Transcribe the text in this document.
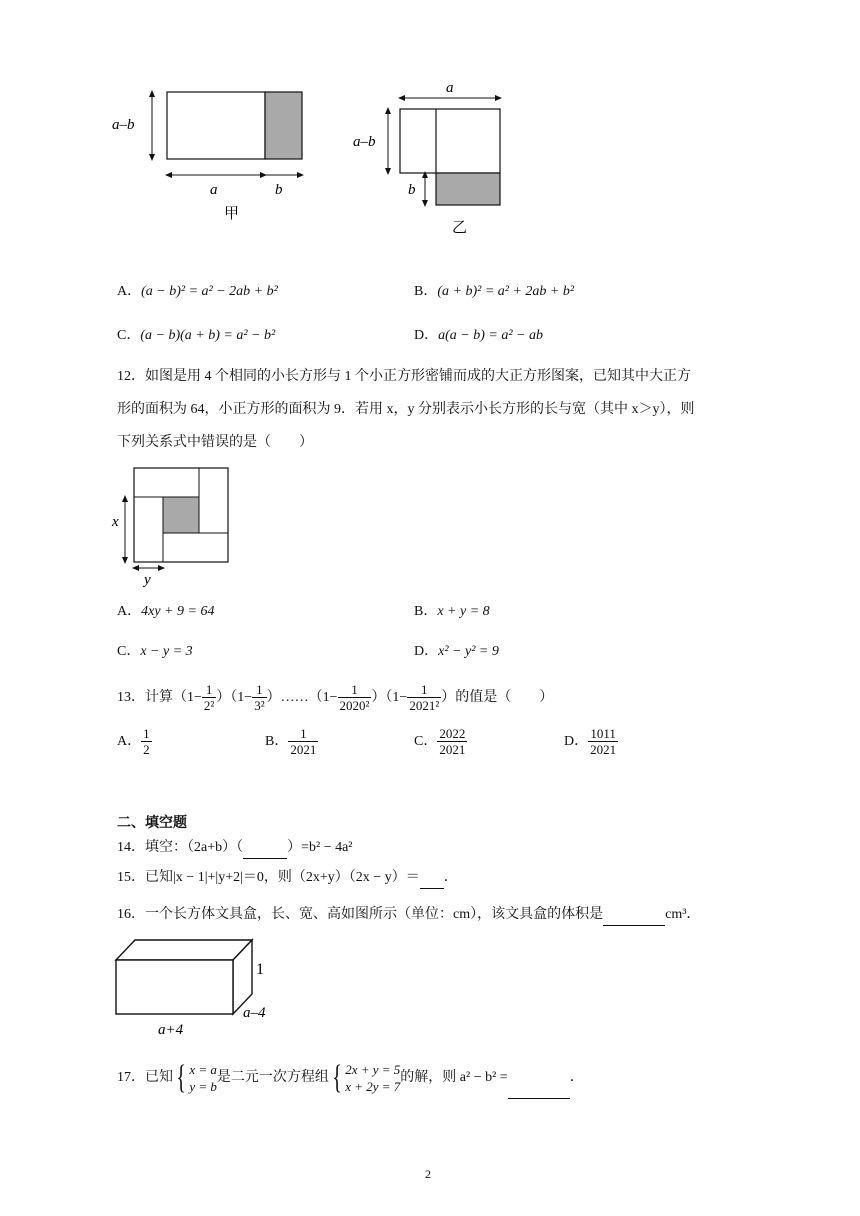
a–b
a	b
甲
a
a–b
b
乙
A．(a − b)² = a² − 2ab + b²	B．(a + b)² = a² + 2ab + b²
C．(a − b)(a + b) = a² − b²	D．a(a − b) = a² − ab
12．如图是用 4 个相同的小长方形与 1 个小正方形密铺而成的大正方形图案，已知其中大正方
形的面积为 64，小正方形的面积为 9．若用 x，y 分别表示小长方形的长与宽（其中 x＞y），则
下列关系式中错误的是（　　）
x
y
A．4xy + 9 = 64	B．x + y = 8
C．x − y = 3	D．x² − y² = 9
13．计算$(1- \frac{1}{\text{2²}} )(1- \frac{1}{\text{3²}}$ ）……（1− $\frac{1}{\text{2020²}} )(1- \frac{1}{\text{2021²}}$ ）的值是（　　）
A． $\frac{1}{2}$	B． $\frac{1}{2021}$	C． $\frac{2022}{2021}$	D． $\frac{1011}{2021}$
二、填空题
14．填空：（2a+b）（	）=b² − 4a²
15．已知|x − 1|+|y+2|＝0，则（2x+y）（2x − y）＝ ．
16．一个长方体文具盒，长、宽、高如图所示（单位：cm），该文具盒的体积是	cm³．
1
a–4
a+4
17．已知{ x = a
y = b
是二元一次方程组{ 2x + y = 5
x + 2y = 7
的解，则 a² − b² =	．
2
